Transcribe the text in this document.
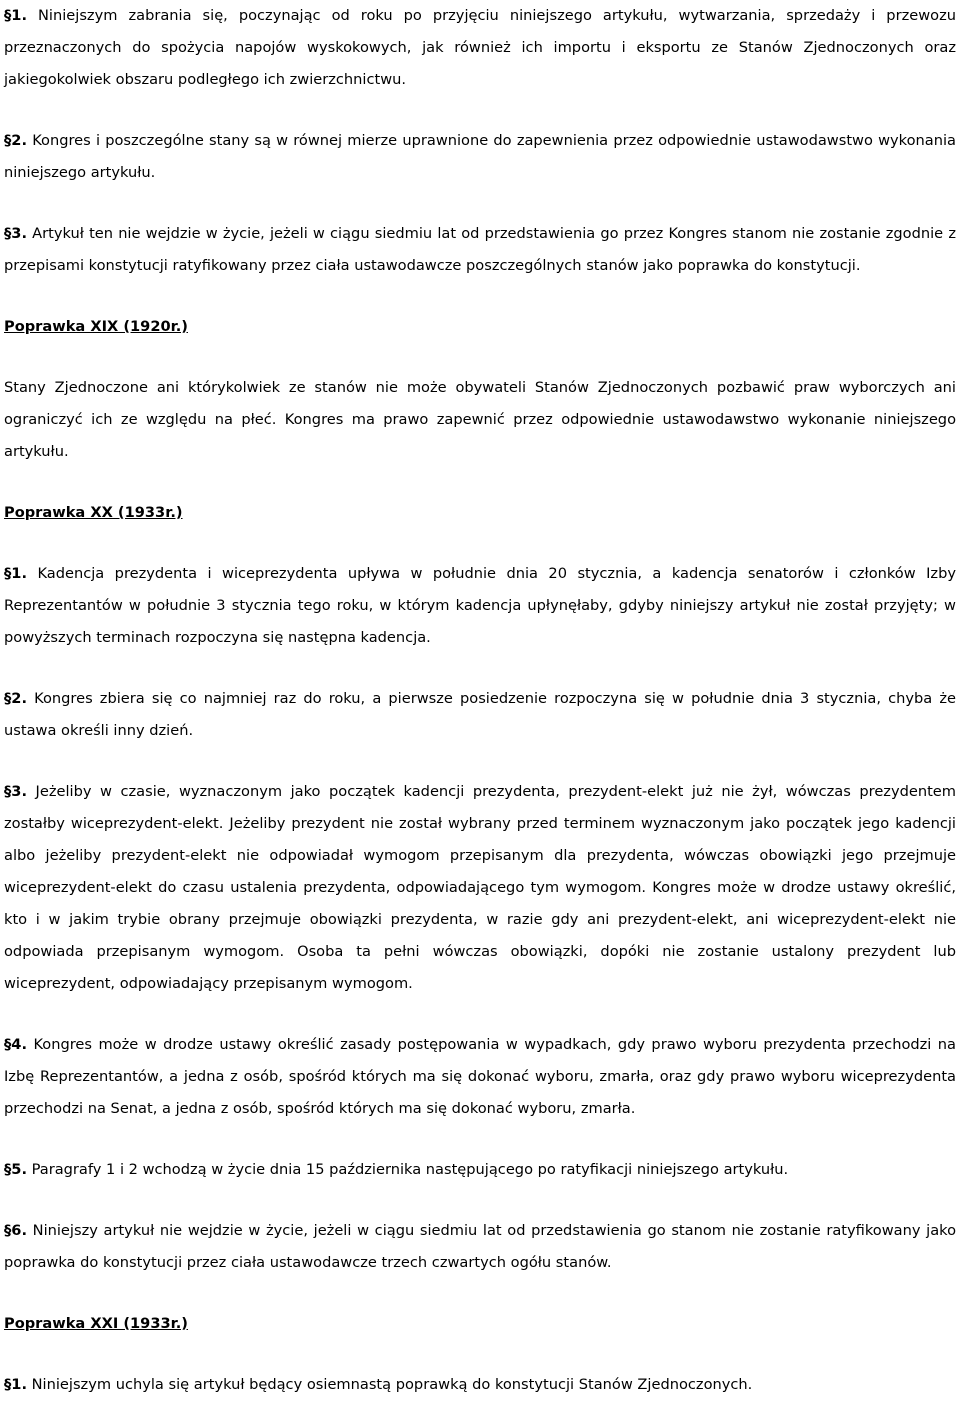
§1. Niniejszym zabrania się, poczynając od roku po przyjęciu niniejszego artykułu, wytwarzania, sprzedaży i przewozu przeznaczonych do spożycia napojów wyskokowych, jak również ich importu i eksportu ze Stanów Zjednoczonych oraz jakiegokolwiek obszaru podległego ich zwierzchnictwu.

§2. Kongres i poszczególne stany są w równej mierze uprawnione do zapewnienia przez odpowiednie ustawodawstwo wykonania niniejszego artykułu.

§3. Artykuł ten nie wejdzie w życie, jeżeli w ciągu siedmiu lat od przedstawienia go przez Kongres stanom nie zostanie zgodnie z przepisami konstytucji ratyfikowany przez ciała ustawodawcze poszczególnych stanów jako poprawka do konstytucji.

Poprawka XIX (1920r.)

Stany Zjednoczone ani którykolwiek ze stanów nie może obywateli Stanów Zjednoczonych pozbawić praw wyborczych ani ograniczyć ich ze względu na płeć. Kongres ma prawo zapewnić przez odpowiednie ustawodawstwo wykonanie niniejszego artykułu.

Poprawka XX (1933r.)

§1. Kadencja prezydenta i wiceprezydenta upływa w południe dnia 20 stycznia, a kadencja senatorów i członków Izby Reprezentantów w południe 3 stycznia tego roku, w którym kadencja upłynęłaby, gdyby niniejszy artykuł nie został przyjęty; w powyższych terminach rozpoczyna się następna kadencja.

§2. Kongres zbiera się co najmniej raz do roku, a pierwsze posiedzenie rozpoczyna się w południe dnia 3 stycznia, chyba że ustawa określi inny dzień.

§3. Jeżeliby w czasie, wyznaczonym jako początek kadencji prezydenta, prezydent-elekt już nie żył, wówczas prezydentem zostałby wiceprezydent-elekt. Jeżeliby prezydent nie został wybrany przed terminem wyznaczonym jako początek jego kadencji albo jeżeliby prezydent-elekt nie odpowiadał wymogom przepisanym dla prezydenta, wówczas obowiązki jego przejmuje wiceprezydent-elekt do czasu ustalenia prezydenta, odpowiadającego tym wymogom. Kongres może w drodze ustawy określić, kto i w jakim trybie obrany przejmuje obowiązki prezydenta, w razie gdy ani prezydent-elekt, ani wiceprezydent-elekt nie odpowiada przepisanym wymogom. Osoba ta pełni wówczas obowiązki, dopóki nie zostanie ustalony prezydent lub wiceprezydent, odpowiadający przepisanym wymogom.

§4. Kongres może w drodze ustawy określić zasady postępowania w wypadkach, gdy prawo wyboru prezydenta przechodzi na Izbę Reprezentantów, a jedna z osób, spośród których ma się dokonać wyboru, zmarła, oraz gdy prawo wyboru wiceprezydenta przechodzi na Senat, a jedna z osób, spośród których ma się dokonać wyboru, zmarła.

§5. Paragrafy 1 i 2 wchodzą w życie dnia 15 października następującego po ratyfikacji niniejszego artykułu.

§6. Niniejszy artykuł nie wejdzie w życie, jeżeli w ciągu siedmiu lat od przedstawienia go stanom nie zostanie ratyfikowany jako poprawka do konstytucji przez ciała ustawodawcze trzech czwartych ogółu stanów.

Poprawka XXI (1933r.)

§1. Niniejszym uchyla się artykuł będący osiemnastą poprawką do konstytucji Stanów Zjednoczonych.
